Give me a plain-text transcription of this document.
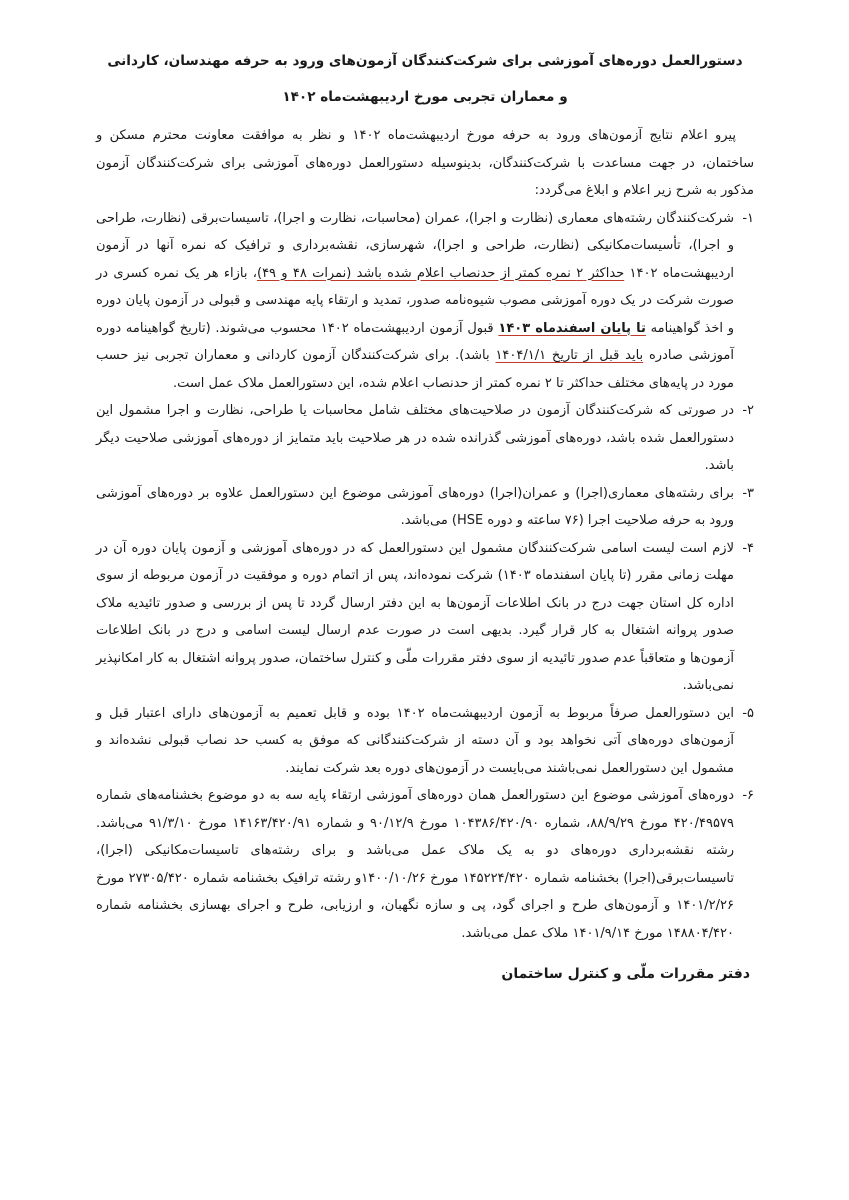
دستورالعمل دوره‌های آموزشی برای شرکت‌کنندگان آزمون‌های ورود به حرفه مهندسان، کاردانی

و معماران تجربی مورخ اردیبهشت‌ماه ۱۴۰۲

پیرو اعلام نتایج آزمون‌های ورود به حرفه مورخ اردیبهشت‌ماه ۱۴۰۲ و نظر به موافقت معاونت محترم مسکن و ساختمان، در جهت مساعدت با شرکت‌کنندگان، بدینوسیله دستورالعمل دوره‌های آموزشی برای شرکت‌کنندگان آزمون مذکور به شرح زیر اعلام و ابلاغ می‌گردد:

۱-
شرکت‌کنندگان رشته‌های معماری (نظارت و اجرا)، عمران (محاسبات، نظارت و اجرا)، تاسیسات‌برقی (نظارت، طراحی و اجرا)، تأسیسات‌مکانیکی (نظارت، طراحی و اجرا)، شهرسازی، نقشه‌برداری و ترافیک که نمره آنها در آزمون اردیبهشت‌ماه ۱۴۰۲ حداکثر ۲ نمره کمتر از حدنصاب اعلام شده باشد (نمرات ۴۸ و ۴۹)، بازاء هر یک نمره کسری در صورت شرکت در یک دوره آموزشی مصوب شیوه‌نامه صدور، تمدید و ارتقاء پایه مهندسی و قبولی در آزمون پایان دوره و اخذ گواهینامه تا پایان اسفندماه ۱۴۰۳ قبول آزمون اردیبهشت‌ماه ۱۴۰۲ محسوب می‌شوند. (تاریخ گواهینامه دوره آموزشی صادره باید قبل از تاریخ ۱۴۰۴/۱/۱ باشد). برای شرکت‌کنندگان آزمون کاردانی و معماران تجربی نیز حسب مورد در پایه‌های مختلف حداکثر تا ۲ نمره کمتر از حدنصاب اعلام شده، این دستورالعمل ملاک عمل است.
۲-
در صورتی که شرکت‌کنندگان آزمون در صلاحیت‌های مختلف شامل محاسبات یا طراحی، نظارت و اجرا مشمول این دستورالعمل شده باشد، دوره‌های آموزشی گذرانده شده در هر صلاحیت باید متمایز از دوره‌های آموزشی صلاحیت دیگر باشد.
۳-
برای رشته‌های معماری(اجرا) و عمران(اجرا) دوره‌های آموزشی موضوع این دستورالعمل علاوه بر دوره‌های آموزشی ورود به حرفه صلاحیت اجرا (۷۶ ساعته و دوره HSE) می‌باشد.
۴-
لازم است لیست اسامی شرکت‌کنندگان مشمول این دستورالعمل که در دوره‌های آموزشی و آزمون پایان دوره آن در مهلت زمانی مقرر (تا پایان اسفندماه ۱۴۰۳) شرکت نموده‌اند، پس از اتمام دوره و موفقیت در آزمون مربوطه از سوی اداره کل استان جهت درج در بانک اطلاعات آزمون‌ها به این دفتر ارسال گردد تا پس از بررسی و صدور تائیدیه ملاک صدور پروانه اشتغال به کار قرار گیرد. بدیهی است در صورت عدم ارسال لیست اسامی و درج در بانک اطلاعات آزمون‌ها و متعاقباً عدم صدور تائیدیه از سوی دفتر مقررات ملّی و کنترل ساختمان، صدور پروانه اشتغال به کار امکانپذیر نمی‌باشد.
۵-
این دستورالعمل صرفاً مربوط به آزمون اردیبهشت‌ماه ۱۴۰۲ بوده و قابل تعمیم به آزمون‌های دارای اعتبار قبل و آزمون‌های دوره‌های آتی نخواهد بود و آن دسته از شرکت‌کنندگانی که موفق به کسب حد نصاب قبولی نشده‌اند و مشمول این دستورالعمل نمی‌باشند می‌بایست در آزمون‌های دوره بعد شرکت نمایند.
۶-
دوره‌های آموزشی موضوع این دستورالعمل همان دوره‌های آموزشی ارتقاء پایه سه به دو موضوع بخشنامه‌های شماره ۴۲۰/۴۹۵۷۹ مورخ ۸۸/۹/۲۹، شماره ۱۰۴۳۸۶/۴۲۰/۹۰ مورخ ۹۰/۱۲/۹ و شماره ۱۴۱۶۳/۴۲۰/۹۱ مورخ ۹۱/۳/۱۰ می‌باشد. رشته نقشه‌برداری دوره‌های دو به یک ملاک عمل می‌باشد و برای رشته‌های تاسیسات‌مکانیکی (اجرا)، تاسیسات‌برقی(اجرا) بخشنامه شماره ۱۴۵۲۲۴/۴۲۰ مورخ ۱۴۰۰/۱۰/۲۶و رشته ترافیک بخشنامه شماره ۲۷۳۰۵/۴۲۰ مورخ ۱۴۰۱/۲/۲۶ و آزمون‌های طرح و اجرای گود، پی و سازه نگهبان، و ارزیابی، طرح و اجرای بهسازی بخشنامه شماره ۱۴۸۸۰۴/۴۲۰ مورخ ۱۴۰۱/۹/۱۴ ملاک عمل می‌باشد.

دفتر مقررات ملّی و کنترل ساختمان
